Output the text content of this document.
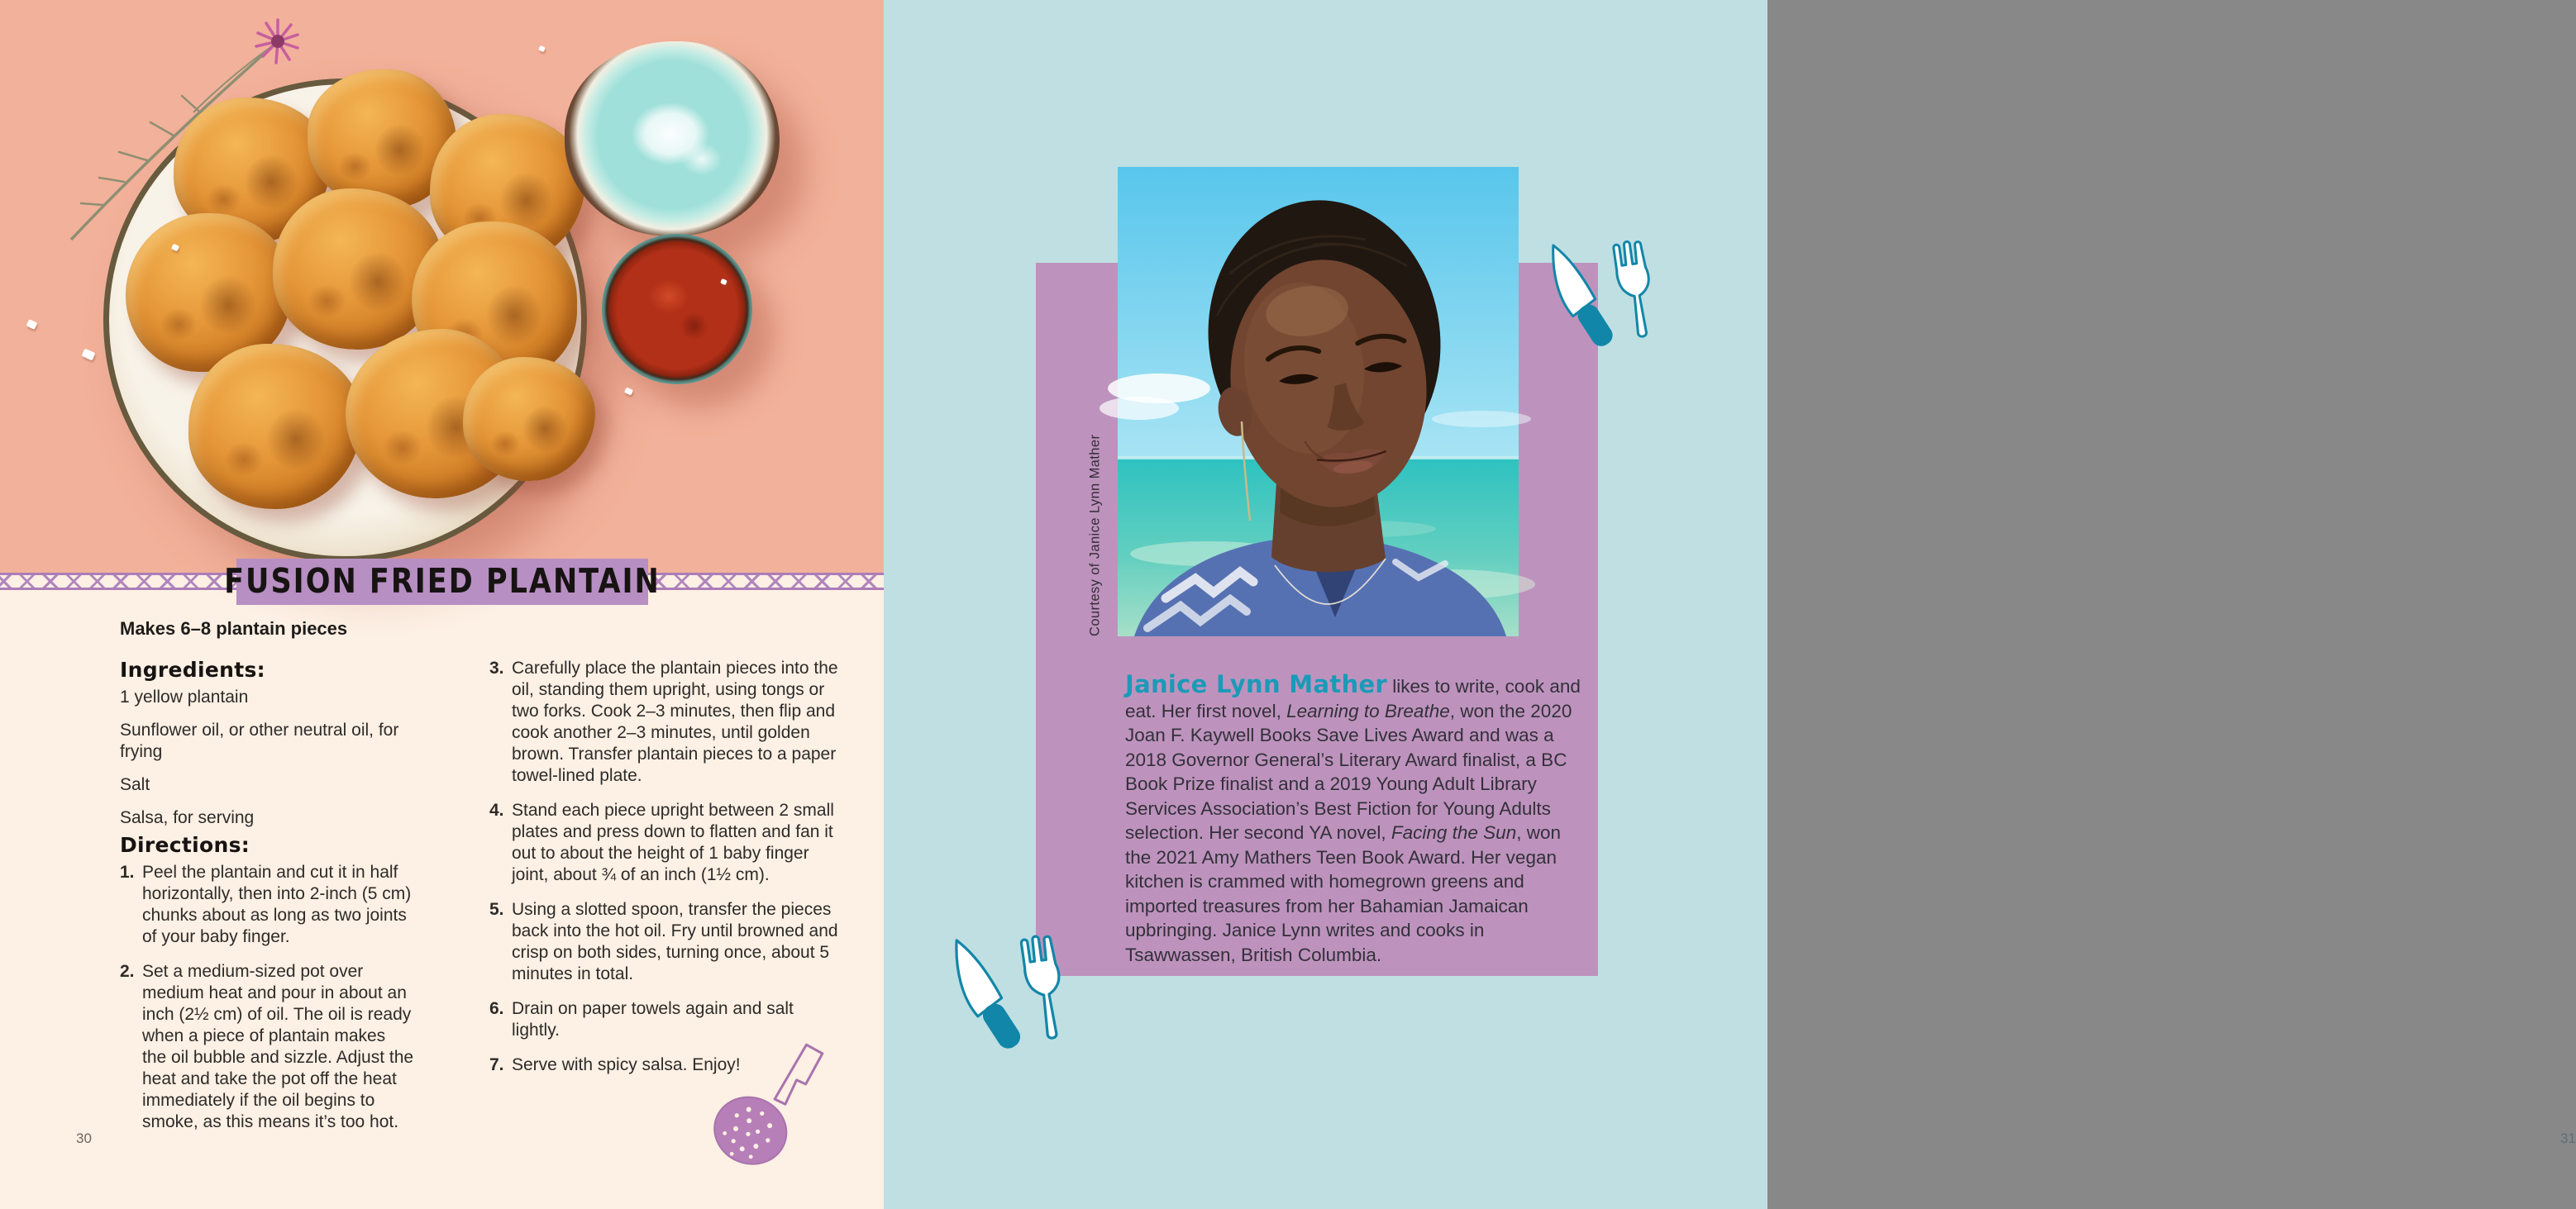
FUSION FRIED PLANTAIN

Makes 6–8 plantain pieces

Ingredients:

1 yellow plantain

Sunflower oil, or other neutral oil, for frying

Salt

Salsa, for serving

Directions:
1. Peel the plantain and cut it in half horizontally, then into 2-inch (5 cm) chunks about as long as two joints of your baby finger.
2. Set a medium-sized pot over medium heat and pour in about an inch (2½ cm) of oil. The oil is ready when a piece of plantain makes the oil bubble and sizzle. Adjust the heat and take the pot off the heat immediately if the oil begins to smoke, as this means it’s too hot.
3. Carefully place the plantain pieces into the oil, standing them upright, using tongs or two forks. Cook 2–3 minutes, then flip and cook another 2–3 minutes, until golden brown. Transfer plantain pieces to a paper towel-lined plate.
4. Stand each piece upright between 2 small plates and press down to flatten and fan it out to about the height of 1 baby finger joint, about ¾ of an inch (1½ cm).
5. Using a slotted spoon, transfer the pieces back into the hot oil. Fry until browned and crisp on both sides, turning once, about 5 minutes in total.
6. Drain on paper towels again and salt lightly.
7. Serve with spicy salsa. Enjoy!
30
Courtesy of Janice Lynn Mather

Janice Lynn Mather likes to write, cook and eat. Her first novel, Learning to Breathe, won the 2020 Joan F. Kaywell Books Save Lives Award and was a 2018 Governor General’s Literary Award finalist, a BC Book Prize finalist and a 2019 Young Adult Library Services Association’s Best Fiction for Young Adults selection. Her second YA novel, Facing the Sun, won the 2021 Amy Mathers Teen Book Award. Her vegan kitchen is crammed with homegrown greens and imported treasures from her Bahamian Jamaican upbringing. Janice Lynn writes and cooks in Tsawwassen, British Columbia.

31
